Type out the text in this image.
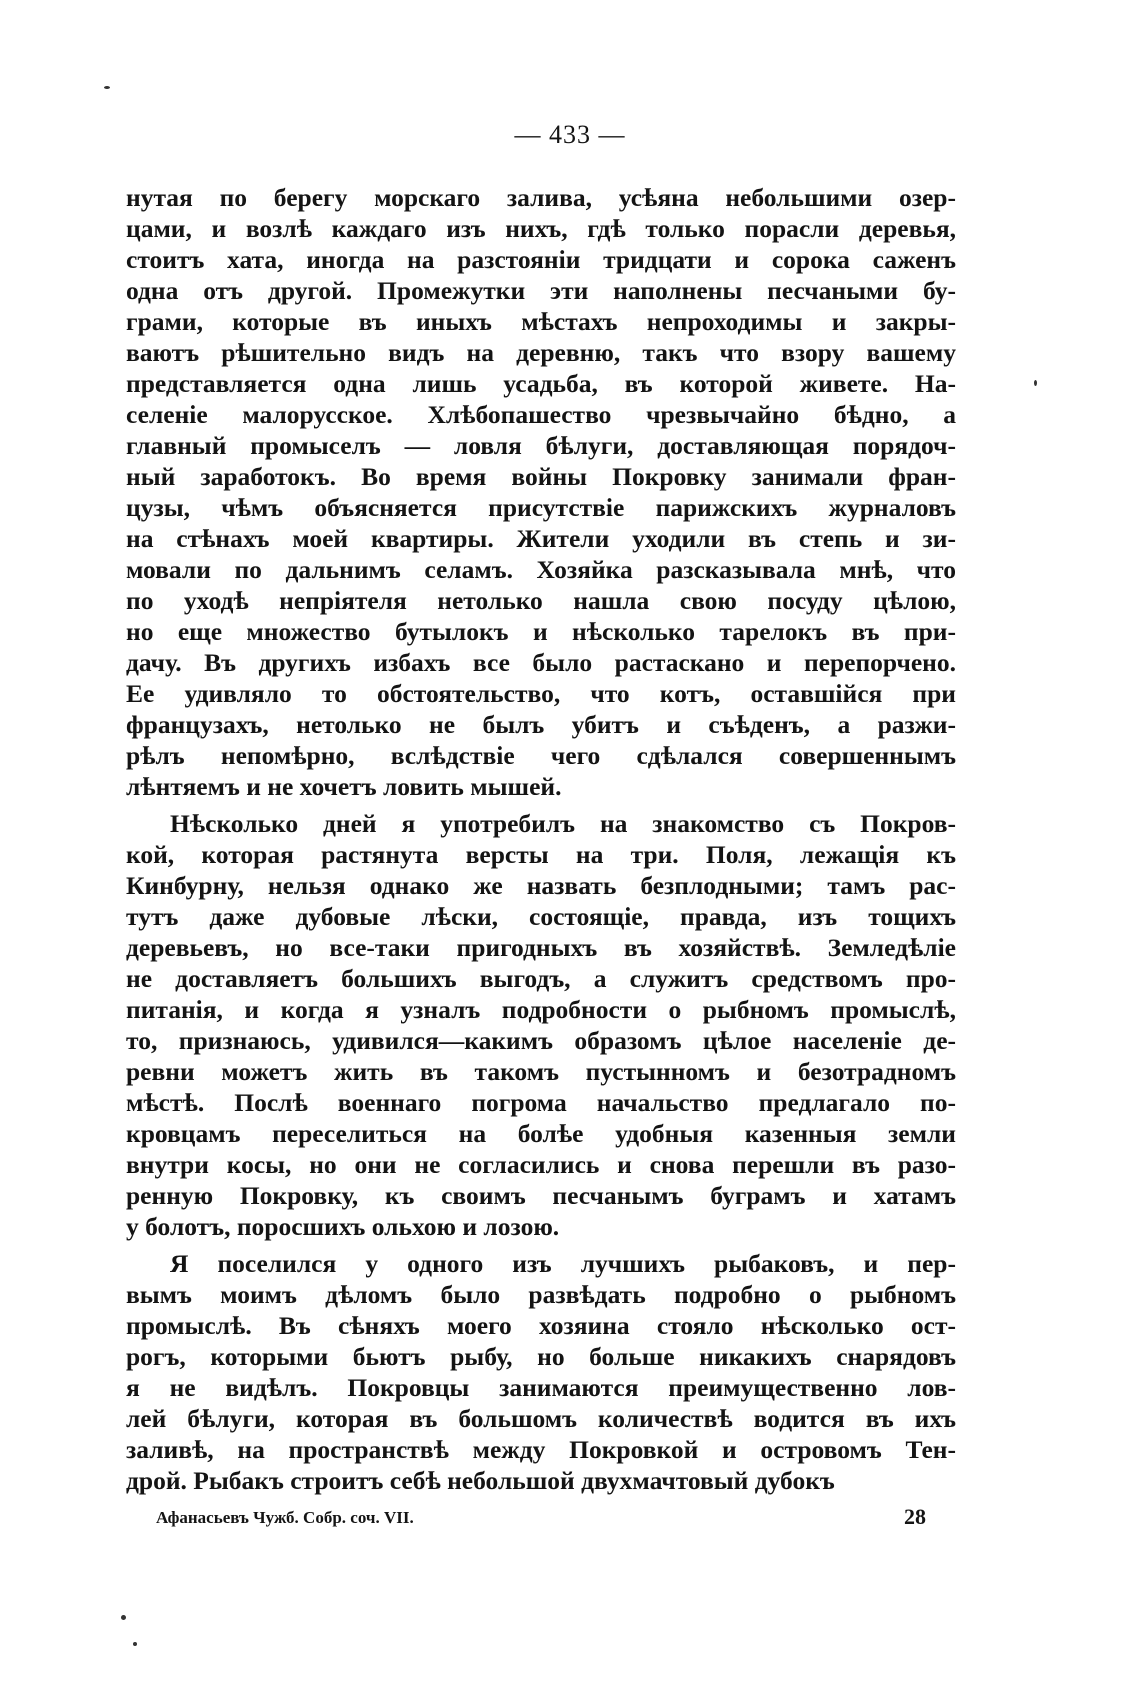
— 433 —
нутая по берегу морскаго залива, усѣяна небольшими озер-
цами, и возлѣ каждаго изъ нихъ, гдѣ только порасли деревья,
стоитъ хата, иногда на разстояніи тридцати и сорока саженъ
одна отъ другой. Промежутки эти наполнены песчаными бу-
грами, которые въ иныхъ мѣстахъ непроходимы и закры-
ваютъ рѣшительно видъ на деревню, такъ что взору вашему
представляется одна лишь усадьба, въ которой живете. На-
селеніе малорусское. Хлѣбопашество чрезвычайно бѣдно, а
главный промыселъ — ловля бѣлуги, доставляющая порядоч-
ный заработокъ. Во время войны Покровку занимали фран-
цузы, чѣмъ объясняется присутствіе парижскихъ журналовъ
на стѣнахъ моей квартиры. Жители уходили въ степь и зи-
мовали по дальнимъ селамъ. Хозяйка разсказывала мнѣ, что
по уходѣ непріятеля нетолько нашла свою посуду цѣлою,
но еще множество бутылокъ и нѣсколько тарелокъ въ при-
дачу. Въ другихъ избахъ все было растаскано и перепорчено.
Ее удивляло то обстоятельство, что котъ, оставшійся при
французахъ, нетолько не былъ убитъ и съѣденъ, а разжи-
рѣлъ непомѣрно, вслѣдствіе чего сдѣлался совершеннымъ
лѣнтяемъ и не хочетъ ловить мышей.
Нѣсколько дней я употребилъ на знакомство съ Покров-
кой, которая растянута версты на три. Поля, лежащія къ
Кинбурну, нельзя однако же назвать безплодными; тамъ рас-
тутъ даже дубовые лѣски, состоящіе, правда, изъ тощихъ
деревьевъ, но все-таки пригодныхъ въ хозяйствѣ. Земледѣліе
не доставляетъ большихъ выгодъ, а служитъ средствомъ про-
питанія, и когда я узналъ подробности о рыбномъ промыслѣ,
то, признаюсь, удивился—какимъ образомъ цѣлое населеніе де-
ревни можетъ жить въ такомъ пустынномъ и безотрадномъ
мѣстѣ. Послѣ военнаго погрома начальство предлагало по-
кровцамъ переселиться на болѣе удобныя казенныя земли
внутри косы, но они не согласились и снова перешли въ разо-
ренную Покровку, къ своимъ песчанымъ буграмъ и хатамъ
у болотъ, поросшихъ ольхою и лозою.
Я поселился у одного изъ лучшихъ рыбаковъ, и пер-
вымъ моимъ дѣломъ было развѣдать подробно о рыбномъ
промыслѣ. Въ сѣняхъ моего хозяина стояло нѣсколько ост-
рогъ, которыми бьютъ рыбу, но больше никакихъ снарядовъ
я не видѣлъ. Покровцы занимаются преимущественно лов-
лей бѣлуги, которая въ большомъ количествѣ водится въ ихъ
заливѣ, на пространствѣ между Покровкой и островомъ Тен-
дрой. Рыбакъ строитъ себѣ небольшой двухмачтовый дубокъ
Афанасьевъ Чужб. Собр. соч. VII.	28
